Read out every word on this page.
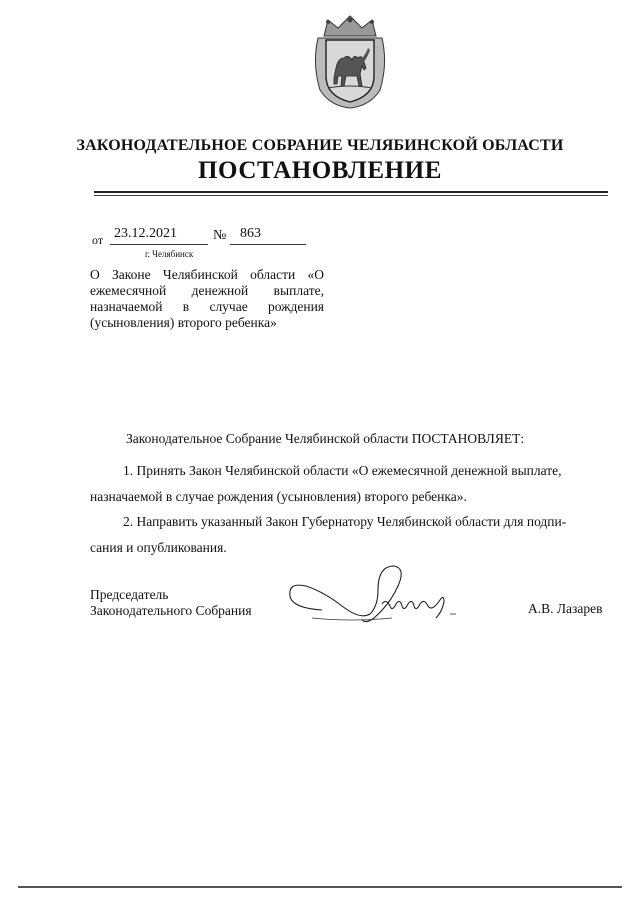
ЗАКОНОДАТЕЛЬНОЕ СОБРАНИЕ ЧЕЛЯБИНСКОЙ ОБЛАСТИ
ПОСТАНОВЛЕНИЕ
от 23.12.2021	№ 863
г. Челябинск
О Законе Челябинской области «О ежемесячной денежной выплате, назначаемой в случае рождения (усыновления) второго ребенка»
Законодательное Собрание Челябинской области ПОСТАНОВЛЯЕТ:
1. Принять Закон Челябинской области «О ежемесячной денежной выплате,
назначаемой в случае рождения (усыновления) второго ребенка».
2. Направить указанный Закон Губернатору Челябинской области для подпи-
сания и опубликования.
Председатель
Законодательного Собрания	А.В. Лазарев
